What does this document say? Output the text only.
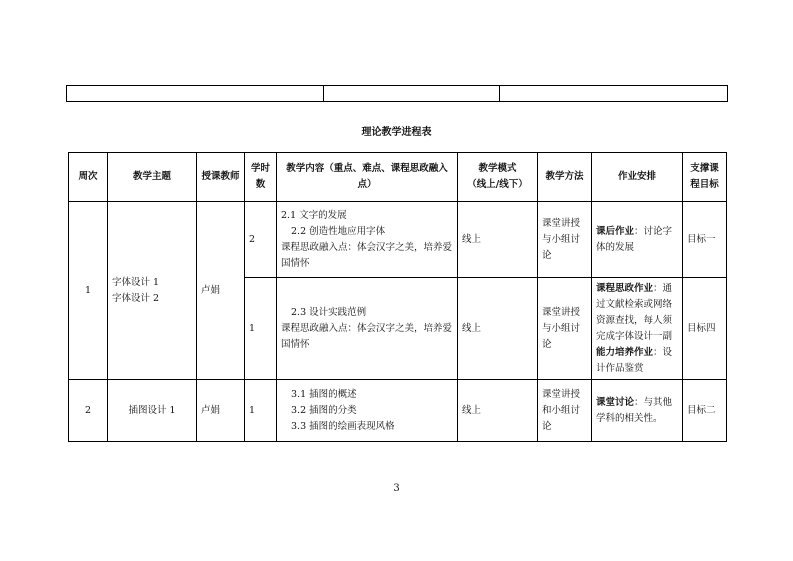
理论教学进程表
周次	教学主题	授课教师	学时数	教学内容（重点、难点、课程思政融入点）	教学模式
（线上/线下）	教学方法	作业安排	支撑课程目标
1	字体设计 1
字体设计 2	卢娟	2	2.1 文字的发展
2.2 创造性地应用字体
课程思政融入点：体会汉字之美，培养爱国情怀	线上	课堂讲授与小组讨论	课后作业：讨论字体的发展	目标一
			1	2.3 设计实践范例
课程思政融入点：体会汉字之美，培养爱国情怀	线上	课堂讲授与小组讨论	课程思政作业：通过文献检索或网络资源查找，每人须完成字体设计一副
能力培养作业：设计作品鉴赏	目标四
2	插图设计 1	卢娟	1	3.1 插图的概述
3.2 插图的分类
3.3 插图的绘画表现风格	线上	课堂讲授和小组讨论	课堂讨论：与其他学科的相关性。	目标二
3
